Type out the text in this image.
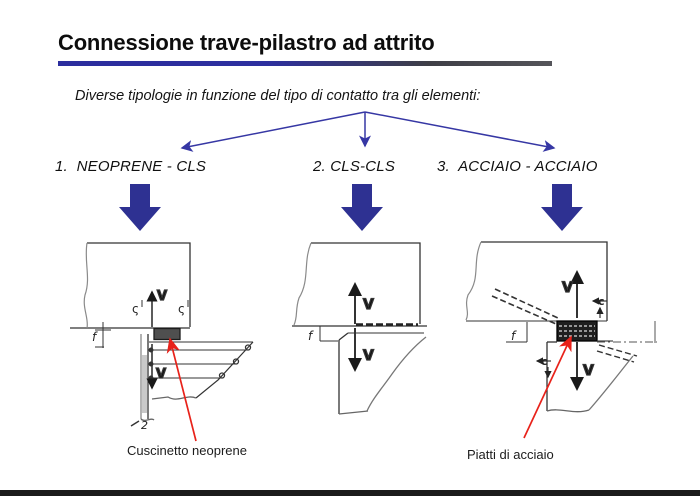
Connessione trave-pilastro ad attrito
Diverse tipologie in funzione del tipo di contatto tra gli elementi:
1.  NEOPRENE - CLS	2. CLS-CLS	3.  ACCIAIO - ACCIAIO
V
V
ς	ς
f
2
V
V
f
V
V
c
c
f
Cuscinetto neoprene	Piatti di acciaio
